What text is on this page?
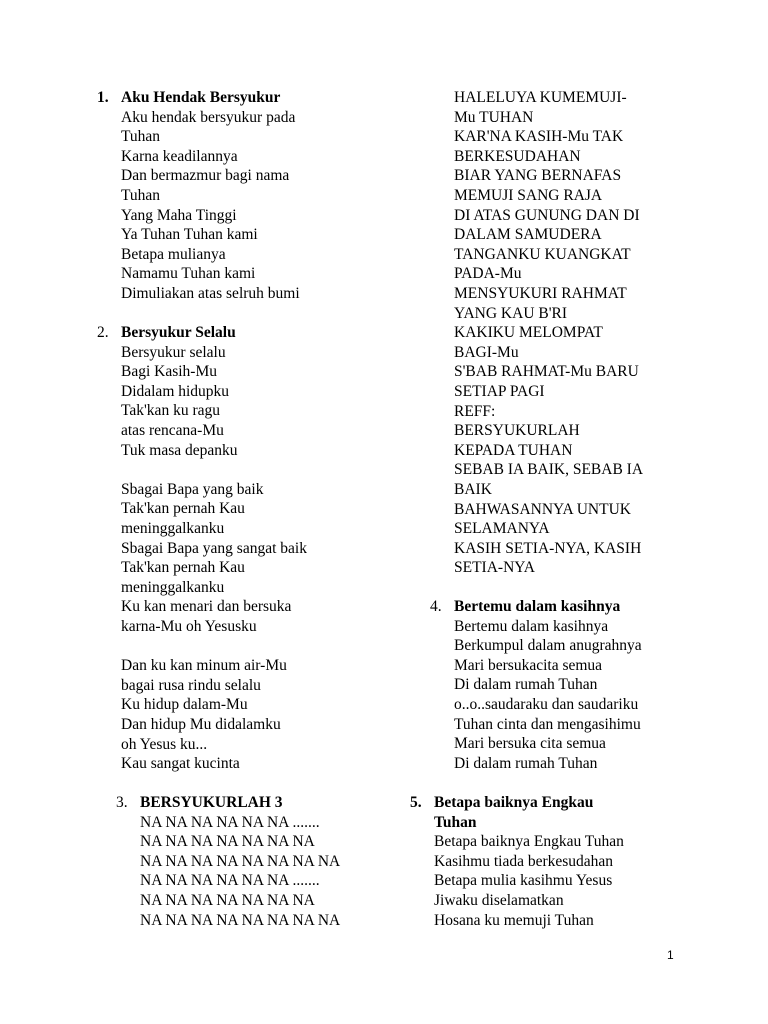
1. Aku Hendak Bersyukur
Aku hendak bersyukur pada
Tuhan
Karna keadilannya
Dan bermazmur bagi nama
Tuhan
Yang Maha Tinggi
Ya Tuhan Tuhan kami
Betapa mulianya
Namamu Tuhan kami
Dimuliakan atas selruh bumi
2. Bersyukur Selalu
Bersyukur selalu
Bagi Kasih-Mu
Didalam hidupku
Tak'kan ku ragu
atas rencana-Mu
Tuk masa depanku
Sbagai Bapa yang baik
Tak'kan pernah Kau
meninggalkanku
Sbagai Bapa yang sangat baik
Tak'kan pernah Kau
meninggalkanku
Ku kan menari dan bersuka
karna-Mu oh Yesusku
Dan ku kan minum air-Mu
bagai rusa rindu selalu
Ku hidup dalam-Mu
Dan hidup Mu didalamku
oh Yesus ku...
Kau sangat kucinta
3. BERSYUKURLAH 3
NA NA NA NA NA NA .......
NA NA NA NA NA NA NA
NA NA NA NA NA NA NA NA
NA NA NA NA NA NA .......
NA NA NA NA NA NA NA
NA NA NA NA NA NA NA NA
HALELUYA KUMEMUJI-
Mu TUHAN
KAR'NA KASIH-Mu TAK
BERKESUDAHAN
BIAR YANG BERNAFAS
MEMUJI SANG RAJA
DI ATAS GUNUNG DAN DI
DALAM SAMUDERA
TANGANKU KUANGKAT
PADA-Mu
MENSYUKURI RAHMAT
YANG KAU B'RI
KAKIKU MELOMPAT
BAGI-Mu
S'BAB RAHMAT-Mu BARU
SETIAP PAGI
REFF:
BERSYUKURLAH
KEPADA TUHAN
SEBAB IA BAIK, SEBAB IA
BAIK
BAHWASANNYA UNTUK
SELAMANYA
KASIH SETIA-NYA, KASIH
SETIA-NYA
4. Bertemu dalam kasihnya
Bertemu dalam kasihnya
Berkumpul dalam anugrahnya
Mari bersukacita semua
Di dalam rumah Tuhan
o..o..saudaraku dan saudariku
Tuhan cinta dan mengasihimu
Mari bersuka cita semua
Di dalam rumah Tuhan
5. Betapa baiknya Engkau
Tuhan
Betapa baiknya Engkau Tuhan
Kasihmu tiada berkesudahan
Betapa mulia kasihmu Yesus
Jiwaku diselamatkan
Hosana ku memuji Tuhan
1
